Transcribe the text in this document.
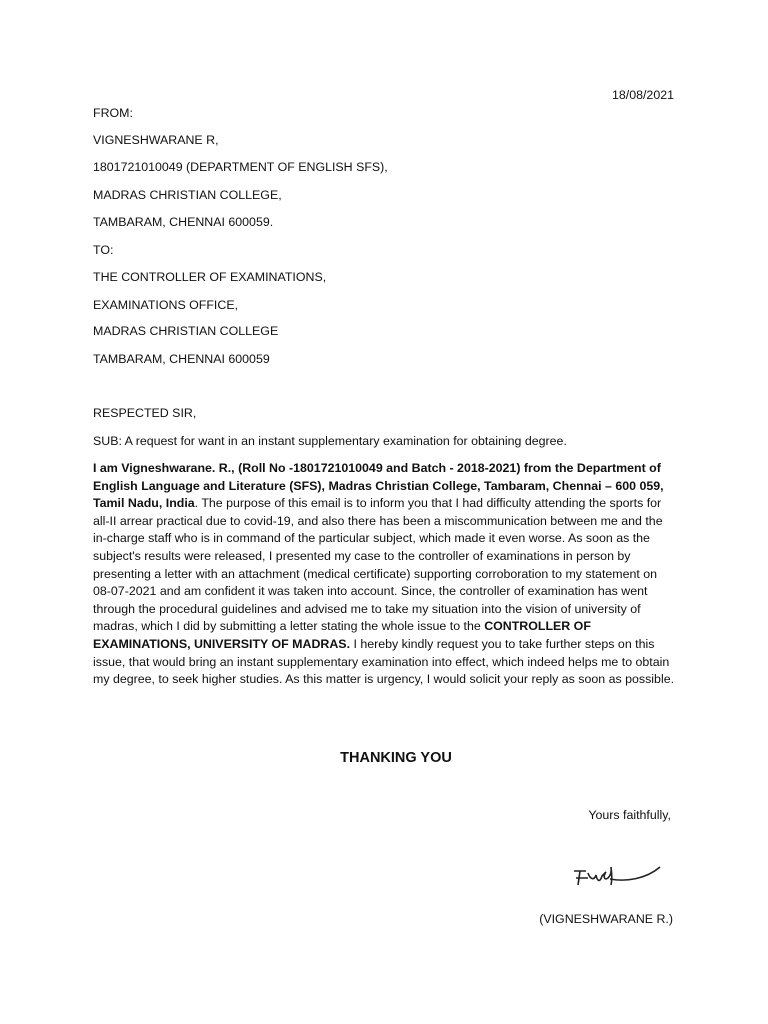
18/08/2021
FROM:
VIGNESHWARANE R,
1801721010049 (DEPARTMENT OF ENGLISH SFS),
MADRAS CHRISTIAN COLLEGE,
TAMBARAM, CHENNAI 600059.
TO:
THE CONTROLLER OF EXAMINATIONS,
EXAMINATIONS OFFICE,
MADRAS CHRISTIAN COLLEGE
TAMBARAM, CHENNAI 600059
RESPECTED SIR,
SUB: A request for want in an instant supplementary examination for obtaining degree.
I am Vigneshwarane. R., (Roll No -1801721010049 and Batch - 2018-2021) from the Department of English Language and Literature (SFS), Madras Christian College, Tambaram, Chennai – 600 059, Tamil Nadu, India. The purpose of this email is to inform you that I had difficulty attending the sports for all-II arrear practical due to covid-19, and also there has been a miscommunication between me and the in-charge staff who is in command of the particular subject, which made it even worse. As soon as the subject's results were released, I presented my case to the controller of examinations in person by presenting a letter with an attachment (medical certificate) supporting corroboration to my statement on 08-07-2021 and am confident it was taken into account. Since, the controller of examination has went through the procedural guidelines and advised me to take my situation into the vision of university of madras, which I did by submitting a letter stating the whole issue to the CONTROLLER OF EXAMINATIONS, UNIVERSITY OF MADRAS. I hereby kindly request you to take further steps on this issue, that would bring an instant supplementary examination into effect, which indeed helps me to obtain my degree, to seek higher studies. As this matter is urgency, I would solicit your reply as soon as possible.
THANKING YOU
Yours faithfully,
(VIGNESHWARANE R.)
